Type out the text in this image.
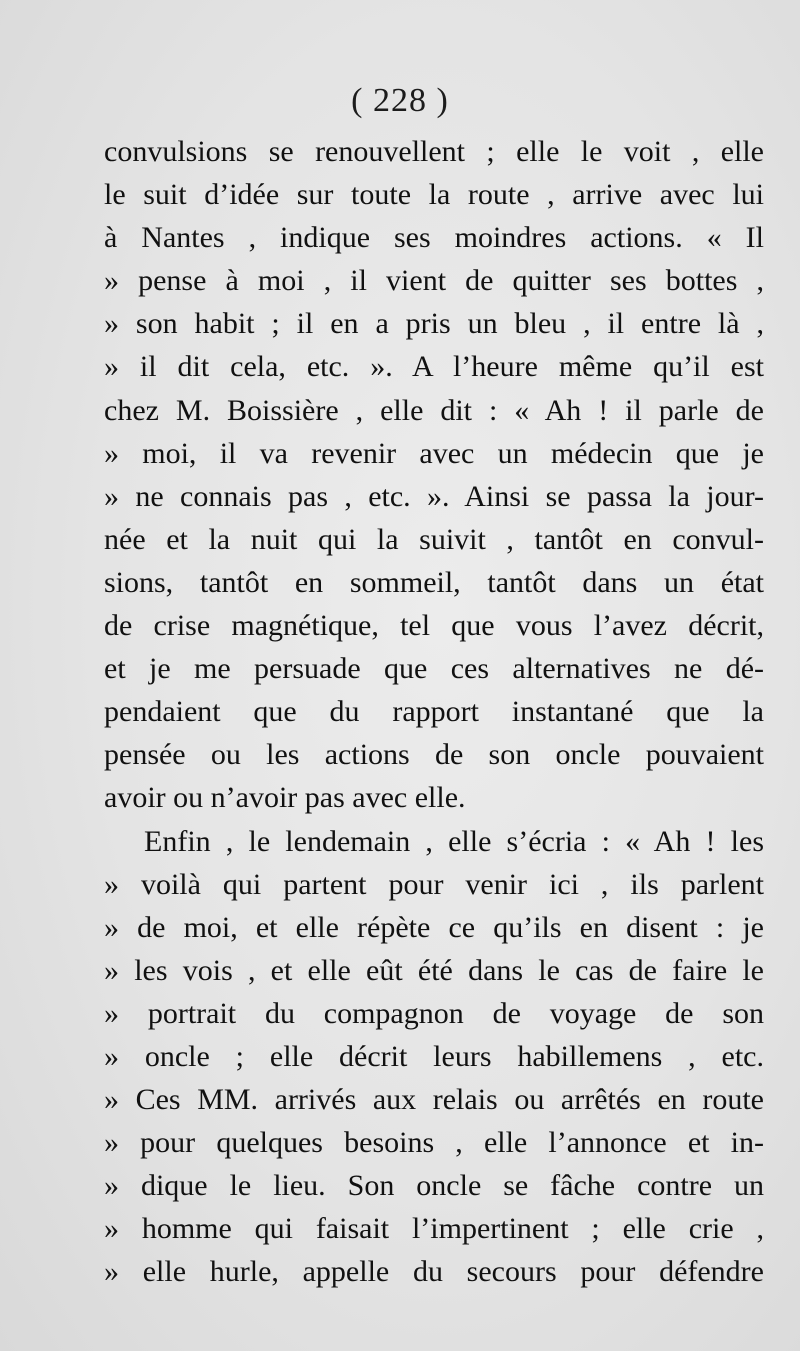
( 228 )
convulsions se renouvellent ; elle le voit , elle
le suit d’idée sur toute la route , arrive avec lui
à Nantes , indique ses moindres actions. « Il
» pense à moi , il vient de quitter ses bottes ,
» son habit ; il en a pris un bleu , il entre là ,
» il dit cela, etc. ». A l’heure même qu’il est
chez M. Boissière , elle dit : « Ah ! il parle de
» moi, il va revenir avec un médecin que je
» ne connais pas , etc. ». Ainsi se passa la jour-
née et la nuit qui la suivit , tantôt en convul-
sions, tantôt en sommeil, tantôt dans un état
de crise magnétique, tel que vous l’avez décrit,
et je me persuade que ces alternatives ne dé-
pendaient que du rapport instantané que la
pensée ou les actions de son oncle pouvaient
avoir ou n’avoir pas avec elle.
Enfin , le lendemain , elle s’écria : « Ah ! les
» voilà qui partent pour venir ici , ils parlent
» de moi, et elle répète ce qu’ils en disent : je
» les vois , et elle eût été dans le cas de faire le
» portrait du compagnon de voyage de son
» oncle ; elle décrit leurs habillemens , etc.
» Ces MM. arrivés aux relais ou arrêtés en route
» pour quelques besoins , elle l’annonce et in-
» dique le lieu. Son oncle se fâche contre un
» homme qui faisait l’impertinent ; elle crie ,
» elle hurle, appelle du secours pour défendre
